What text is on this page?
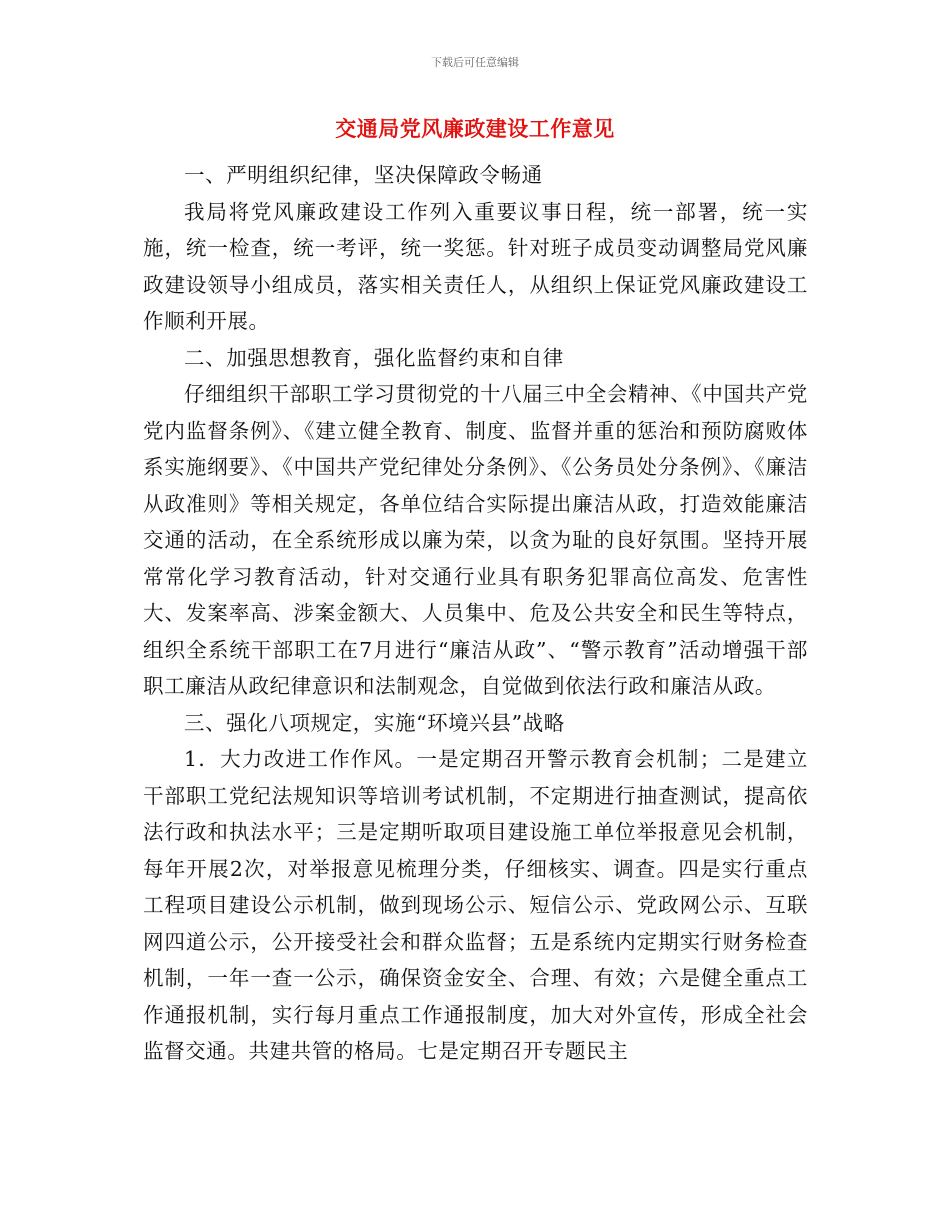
下载后可任意编辑
交通局党风廉政建设工作意见

一、严明组织纪律，坚决保障政令畅通

我局将党风廉政建设工作列入重要议事日程，统一部署，统一实施，统一检查，统一考评，统一奖惩。针对班子成员变动调整局党风廉政建设领导小组成员，落实相关责任人，从组织上保证党风廉政建设工作顺利开展。

二、加强思想教育，强化监督约束和自律

仔细组织干部职工学习贯彻党的十八届三中全会精神、《中国共产党党内监督条例》、《建立健全教育、制度、监督并重的惩治和预防腐败体系实施纲要》、《中国共产党纪律处分条例》、《公务员处分条例》、《廉洁从政准则》等相关规定，各单位结合实际提出廉洁从政，打造效能廉洁交通的活动，在全系统形成以廉为荣，以贪为耻的良好氛围。坚持开展常常化学习教育活动，针对交通行业具有职务犯罪高位高发、危害性大、发案率高、涉案金额大、人员集中、危及公共安全和民生等特点，组织全系统干部职工在7月进行“廉洁从政”、“警示教育”活动增强干部职工廉洁从政纪律意识和法制观念，自觉做到依法行政和廉洁从政。

三、强化八项规定，实施“环境兴县”战略

1．大力改进工作作风。一是定期召开警示教育会机制；二是建立干部职工党纪法规知识等培训考试机制，不定期进行抽查测试，提高依法行政和执法水平；三是定期听取项目建设施工单位举报意见会机制，每年开展2次，对举报意见梳理分类，仔细核实、调查。四是实行重点工程项目建设公示机制，做到现场公示、短信公示、党政网公示、互联网四道公示，公开接受社会和群众监督；五是系统内定期实行财务检查机制，一年一查一公示，确保资金安全、合理、有效；六是健全重点工作通报机制，实行每月重点工作通报制度，加大对外宣传，形成全社会监督交通。共建共管的格局。七是定期召开专题民主
